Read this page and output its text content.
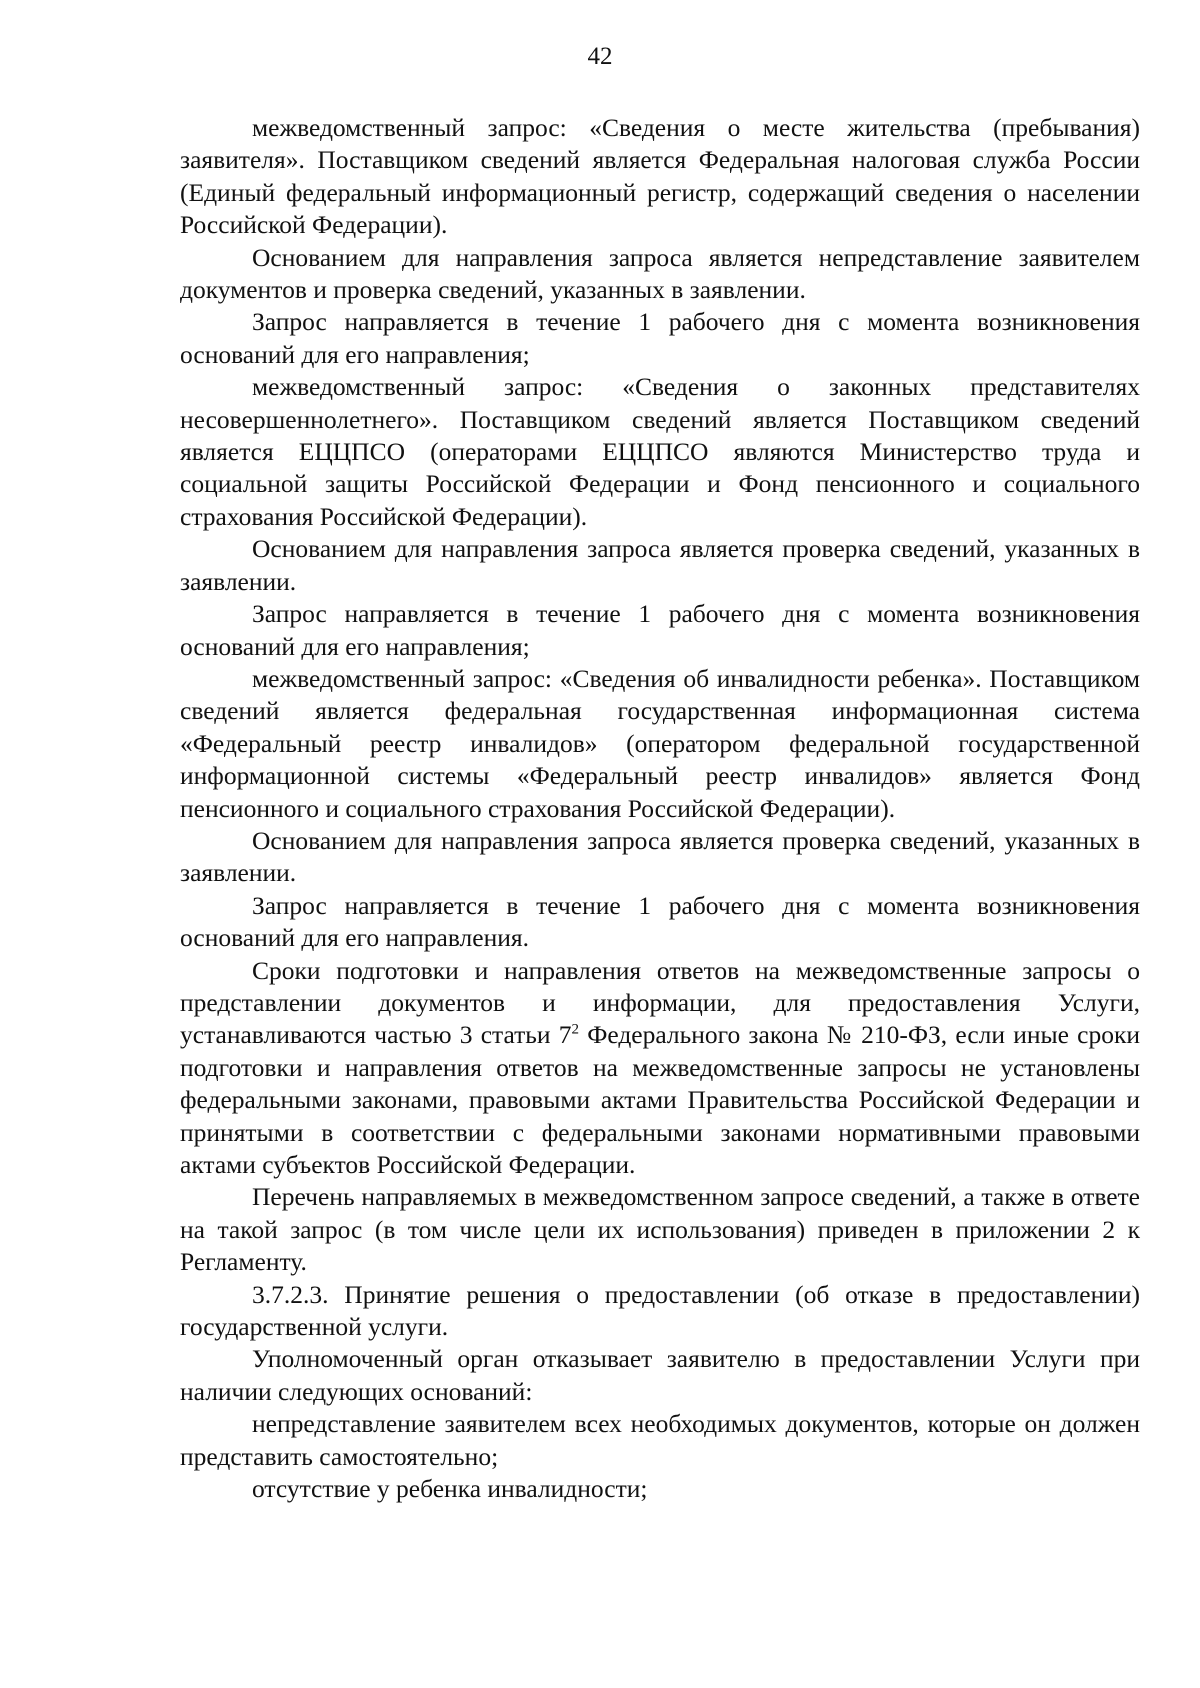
42

межведомственный запрос: «Сведения о месте жительства (пребывания) заявителя». Поставщиком сведений является Федеральная налоговая служба России (Единый федеральный информационный регистр, содержащий сведения о населении Российской Федерации).

Основанием для направления запроса является непредставление заявителем документов и проверка сведений, указанных в заявлении.

Запрос направляется в течение 1 рабочего дня с момента возникновения оснований для его направления;

межведомственный запрос: «Сведения о законных представителях несовершеннолетнего». Поставщиком сведений является Поставщиком сведений является ЕЦЦПСО (операторами ЕЦЦПСО являются Министерство труда и социальной защиты Российской Федерации и Фонд пенсионного и социального страхования Российской Федерации).

Основанием для направления запроса является проверка сведений, указанных в заявлении.

Запрос направляется в течение 1 рабочего дня с момента возникновения оснований для его направления;

межведомственный запрос: «Сведения об инвалидности ребенка». Поставщиком сведений является федеральная государственная информационная система «Федеральный реестр инвалидов» (оператором федеральной государственной информационной системы «Федеральный реестр инвалидов» является Фонд пенсионного и социального страхования Российской Федерации).

Основанием для направления запроса является проверка сведений, указанных в заявлении.

Запрос направляется в течение 1 рабочего дня с момента возникновения оснований для его направления.

Сроки подготовки и направления ответов на межведомственные запросы о представлении документов и информации, для предоставления Услуги, устанавливаются частью 3 статьи $7^2$ Федерального закона № 210-ФЗ, если иные сроки подготовки и направления ответов на межведомственные запросы не установлены федеральными законами, правовыми актами Правительства Российской Федерации и принятыми в соответствии с федеральными законами нормативными правовыми актами субъектов Российской Федерации.

Перечень направляемых в межведомственном запросе сведений, а также в ответе на такой запрос (в том числе цели их использования) приведен в приложении 2 к Регламенту.

3.7.2.3. Принятие решения о предоставлении (об отказе в предоставлении) государственной услуги.

Уполномоченный орган отказывает заявителю в предоставлении Услуги при наличии следующих оснований:

непредставление заявителем всех необходимых документов, которые он должен представить самостоятельно;

отсутствие у ребенка инвалидности;
